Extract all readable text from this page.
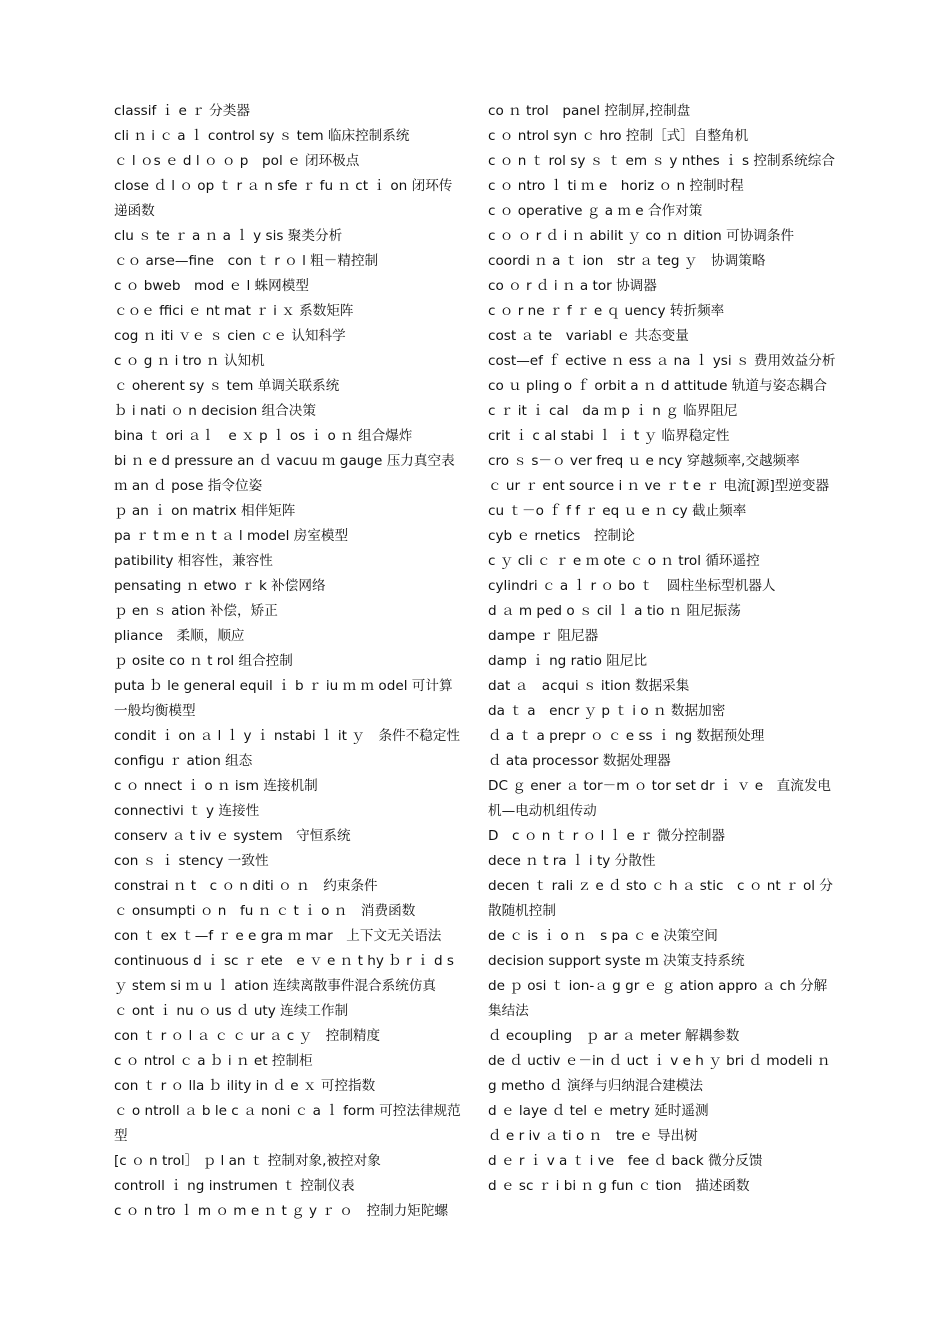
classif ｉ e ｒ 分类器

cli ｎ i ｃ a ｌ control sy ｓ tem 临床控制系统

ｃ l ｏs ｅ d l ｏ ｏ p　pol ｅ 闭环极点

close ｄ l ｏ op ｔ r ａ n sfe ｒ fu ｎ ct ｉ on 闭环传递函数

clu ｓ te ｒ a ｎ a ｌ y sis 聚类分析

ｃｏ arse—fine　con ｔ r ｏ l 粗－精控制

c ｏ bweb　mod ｅ l 蛛网模型

ｃｏｅ ffici ｅ nt mat ｒ i ｘ 系数矩阵

cog ｎ iti ｖｅ ｓ cien ｃｅ 认知科学

c ｏ g ｎ i tro ｎ 认知机

ｃ oherent sy ｓ tem 单调关联系统

ｂ i nati ｏ n decision 组合决策

bina ｔ ori ａｌ　e ｘ p ｌ os ｉ o ｎ 组合爆炸

bi ｎ e d pressure an ｄ vacuu ｍ gauge 压力真空表

ｍ an ｄ pose 指令位姿

ｐ an ｉ on matrix 相伴矩阵

pa ｒ t ｍ e ｎ t ａ l model 房室模型

patibility 相容性，兼容性

pensating ｎ etwo ｒ k 补偿网络

ｐ en ｓ ation 补偿，矫正

pliance　柔顺，顺应

ｐ osite co ｎ t rol 组合控制

puta ｂ le general equil ｉ b ｒ iu ｍ ｍ odel 可计算一般均衡模型

condit ｉ on ａ l ｌ y ｉ nstabi ｌ it ｙ　条件不稳定性

configu ｒ ation 组态

c ｏ nnect ｉ o ｎ ism 连接机制

connectivi ｔ y 连接性

conserv ａ t iv ｅ system　守恒系统

con ｓ ｉ stency 一致性

constrai ｎ t　c ｏ n diti ｏ ｎ　约束条件

ｃ onsumpti ｏ n　fu ｎ ｃ t ｉ o ｎ　消费函数

con ｔ ex ｔ—f ｒ e e gra ｍ mar　上下文无关语法

continuous d ｉ sc ｒ ete　e ｖ e ｎ t hy ｂ r ｉ d s ｙ stem si ｍ u ｌ ation 连续离散事件混合系统仿真

ｃ ont ｉ nu ｏ us ｄ uty 连续工作制

con ｔ r ｏ l ａ ｃ ｃ ur ａ c ｙ　控制精度

c ｏ ntrol ｃ a ｂ i ｎ et 控制柜

con ｔ r ｏ lla ｂ ility in ｄ e ｘ 可控指数

ｃ o ntroll ａ b le c ａ noni ｃ a ｌ form 可控法律规范型

[c ｏ n trol］ ｐ l an ｔ 控制对象,被控对象

controll ｉ ng instrumen ｔ 控制仪表

c ｏ n tro ｌ m ｏ m e ｎ t ｇ y ｒ ｏ　控制力矩陀螺

co ｎ trol　panel 控制屏,控制盘

c ｏ ntrol syn ｃ hro 控制［式］自整角机

c ｏ n ｔ rol sy ｓ ｔ em ｓ y nthes ｉ s 控制系统综合

c ｏ ntro ｌ ti ｍ e　horiz ｏ n 控制时程

c ｏ operative ｇ a ｍ e 合作对策

c ｏ ｏ r ｄ i ｎ abilit ｙ co ｎ dition 可协调条件

coordi ｎ a ｔ ion　str ａ teg ｙ　协调策略

co ｏ r ｄ i ｎ a tor 协调器

c ｏ r ne ｒ f ｒ e ｑ uency 转折频率

cost ａ te　variabl ｅ 共态变量

cost—ef ｆ ective ｎ ess ａ na ｌ ysi ｓ 费用效益分析

co ｕ pling o ｆ orbit a ｎ d attitude 轨道与姿态耦合

c ｒ it ｉ cal　da ｍ p ｉ n ｇ 临界阻尼

crit ｉ c al stabi ｌ ｉ t ｙ 临界稳定性

cro ｓ s－ｏ ver freq ｕ e ncy 穿越频率,交越频率

ｃ ur ｒ ent source i ｎ ve ｒ t e ｒ 电流[源]型逆变器

cu ｔ－o ｆ f f ｒ eq ｕ e ｎ cy 截止频率

cyb ｅ rnetics　控制论

c ｙ cli ｃ ｒ e ｍ ote ｃ o ｎ trol 循环遥控

cylindri ｃ a ｌ r ｏ bo ｔ　圆柱坐标型机器人

d ａ m ped o ｓ cil ｌ a tio ｎ 阻尼振荡

dampe ｒ 阻尼器

damp ｉ ng ratio 阻尼比

dat ａ　acqui ｓ ition 数据采集

da ｔ a　encr ｙ p ｔ i o ｎ 数据加密

ｄ a ｔ a prepr ｏ ｃ e ss ｉ ng 数据预处理

ｄ ata processor 数据处理器

DC ｇ ener ａ tor－m ｏ tor set dr ｉ ｖ e　直流发电机—电动机组传动

D　c ｏ n ｔ r ｏ l ｌ e ｒ 微分控制器

dece ｎ t ra ｌ i ty 分散性

decen ｔ rali ｚ e ｄ sto ｃ h ａ stic　c ｏ nt ｒ ol 分散随机控制

de ｃ is ｉ o ｎ　s pa ｃ e 决策空间

decision support syste ｍ 决策支持系统

de ｐ osi ｔ ion-ａ g gr ｅ ｇ ation appro ａ ch 分解集结法

ｄ ecoupling　ｐ ar ａ meter 解耦参数

de ｄ uctiv ｅ－in ｄ uct ｉ v e h ｙ bri ｄ modeli ｎ g metho ｄ 演绎与归纳混合建模法

d ｅ laye ｄ tel ｅ metry 延时遥测

ｄ e r iv ａ ti o ｎ　tre ｅ 导出树

d ｅ r ｉ v a ｔ i ve　fee ｄ back 微分反馈

d ｅ sc ｒ i bi ｎ g fun ｃ tion　描述函数
